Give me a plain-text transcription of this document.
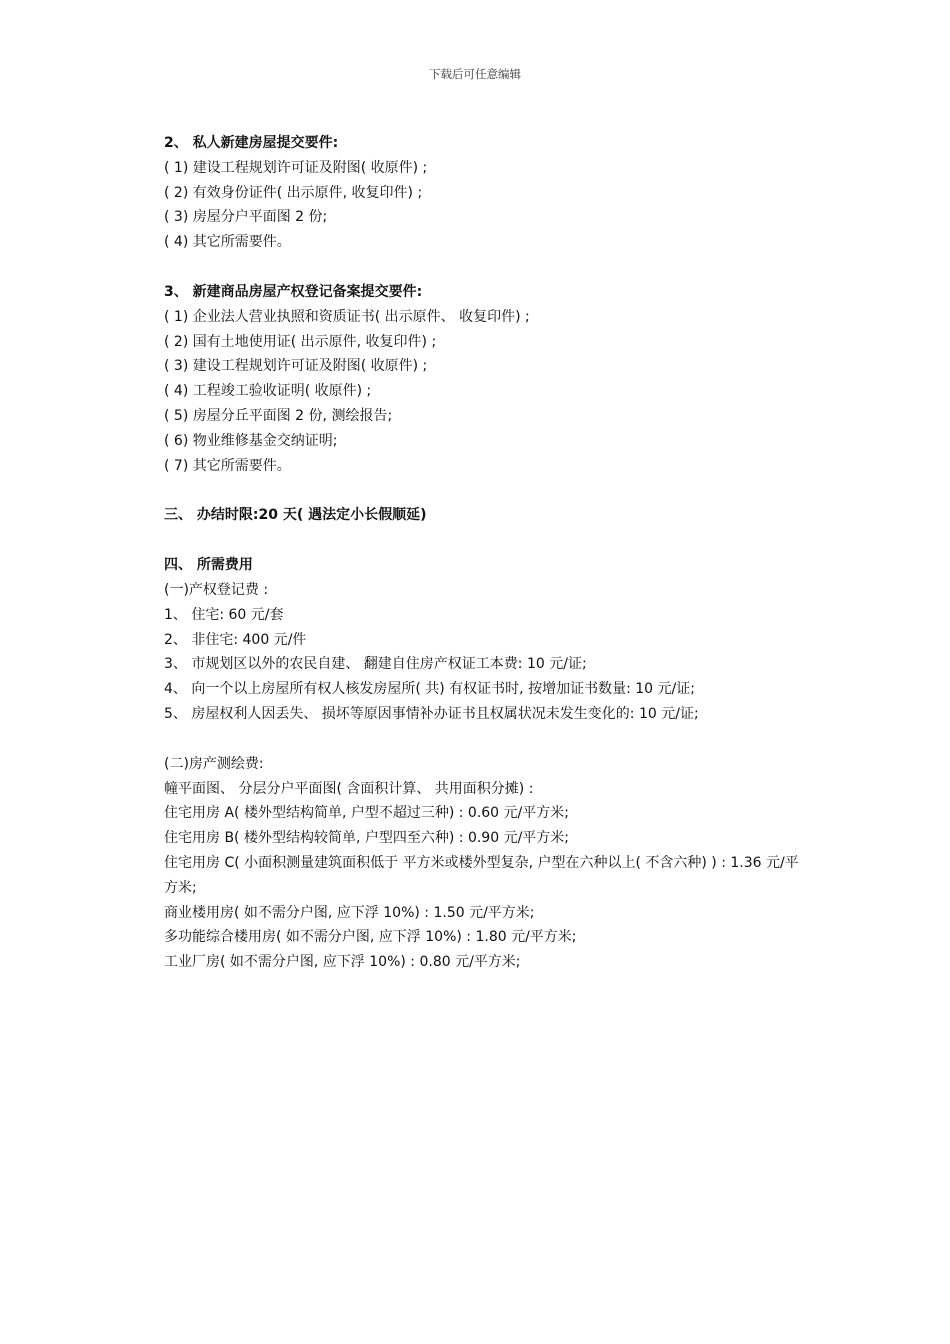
下载后可任意编辑
2、 私人新建房屋提交要件:
( 1) 建设工程规划许可证及附图( 收原件) ;
( 2) 有效身份证件( 出示原件, 收复印件) ;
( 3) 房屋分户平面图 2 份;
( 4) 其它所需要件。
3、 新建商品房屋产权登记备案提交要件:
( 1) 企业法人营业执照和资质证书( 出示原件、 收复印件) ;
( 2) 国有土地使用证( 出示原件, 收复印件) ;
( 3) 建设工程规划许可证及附图( 收原件) ;
( 4) 工程竣工验收证明( 收原件) ;
( 5) 房屋分丘平面图 2 份, 测绘报告;
( 6) 物业维修基金交纳证明;
( 7) 其它所需要件。
三、 办结时限:20 天( 遇法定小长假顺延)
四、 所需费用
(一)产权登记费 :
1、 住宅: 60 元/套
2、 非住宅: 400 元/件
3、 市规划区以外的农民自建、 翻建自住房产权证工本费: 10 元/证;
4、 向一个以上房屋所有权人核发房屋所( 共) 有权证书时, 按增加证书数量: 10 元/证;
5、 房屋权利人因丢失、 损坏等原因事情补办证书且权属状况未发生变化的: 10 元/证;
(二)房产测绘费:
幢平面图、 分层分户平面图( 含面积计算、 共用面积分摊) :
住宅用房 A( 楼外型结构简单, 户型不超过三种) : 0.60 元/平方米;
住宅用房 B( 楼外型结构较简单, 户型四至六种) : 0.90 元/平方米;
住宅用房 C( 小面积测量建筑面积低于 平方米或楼外型复杂, 户型在六种以上( 不含六种) ) : 1.36 元/平方米;
商业楼用房( 如不需分户图, 应下浮 10%) : 1.50 元/平方米;
多功能综合楼用房( 如不需分户图, 应下浮 10%) : 1.80 元/平方米;
工业厂房( 如不需分户图, 应下浮 10%) : 0.80 元/平方米;
